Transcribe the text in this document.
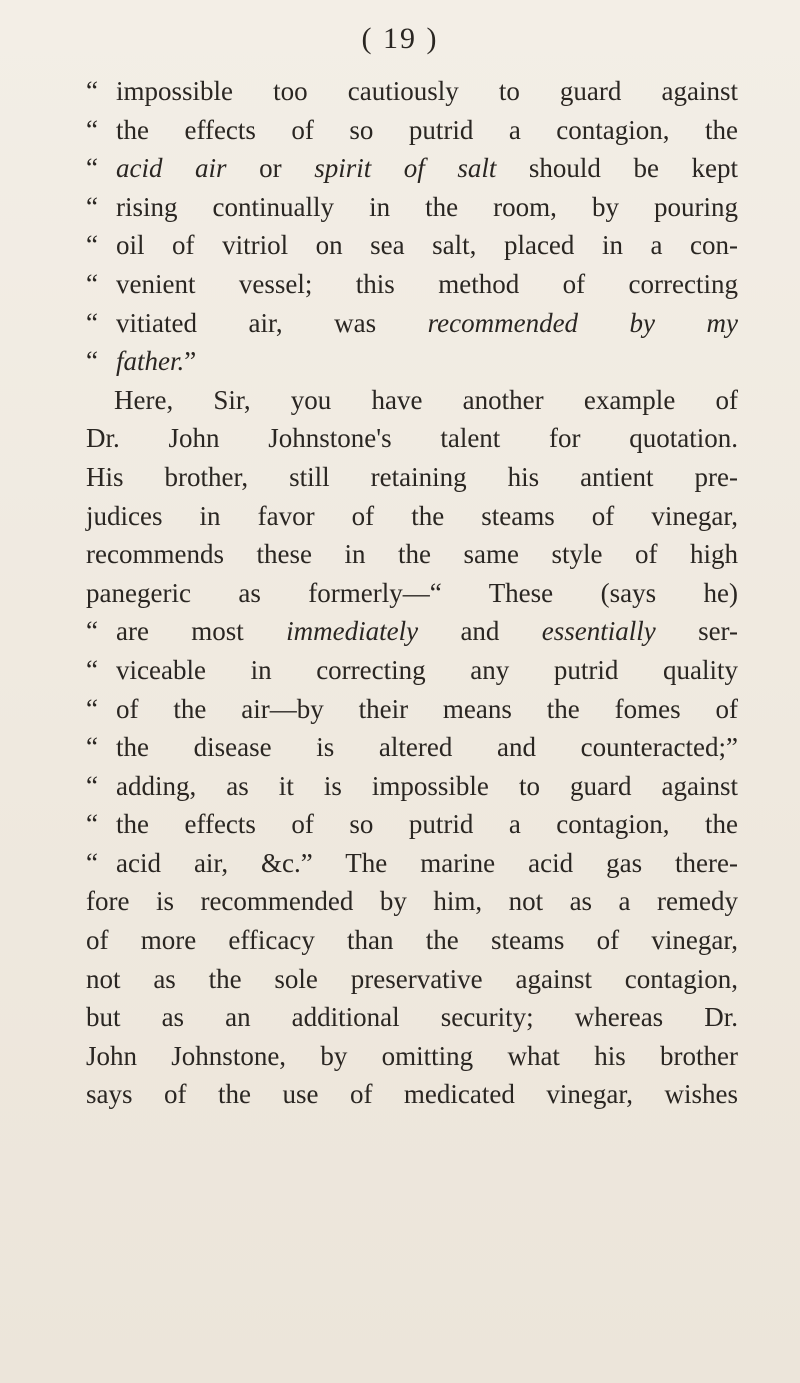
( 19 )
“ impossible too cautiously to guard against
“ the effects of so putrid a contagion, the
“ acid air or spirit of salt should be kept
“ rising continually in the room, by pouring
“ oil of vitriol on sea salt, placed in a con-
“ venient vessel; this method of correcting
“ vitiated air, was recommended by my
“ father.”
Here, Sir, you have another example of
Dr. John Johnstone's talent for quotation.
His brother, still retaining his antient pre-
judices in favor of the steams of vinegar,
recommends these in the same style of high
panegeric as formerly—“ These (says he)
“ are most immediately and essentially ser-
“ viceable in correcting any putrid quality
“ of the air—by their means the fomes of
“ the disease is altered and counteracted;”
“ adding, as it is impossible to guard against
“ the effects of so putrid a contagion, the
“ acid air, &c.” The marine acid gas there-
fore is recommended by him, not as a remedy
of more efficacy than the steams of vinegar,
not as the sole preservative against contagion,
but as an additional security; whereas Dr.
John Johnstone, by omitting what his brother
says of the use of medicated vinegar, wishes
